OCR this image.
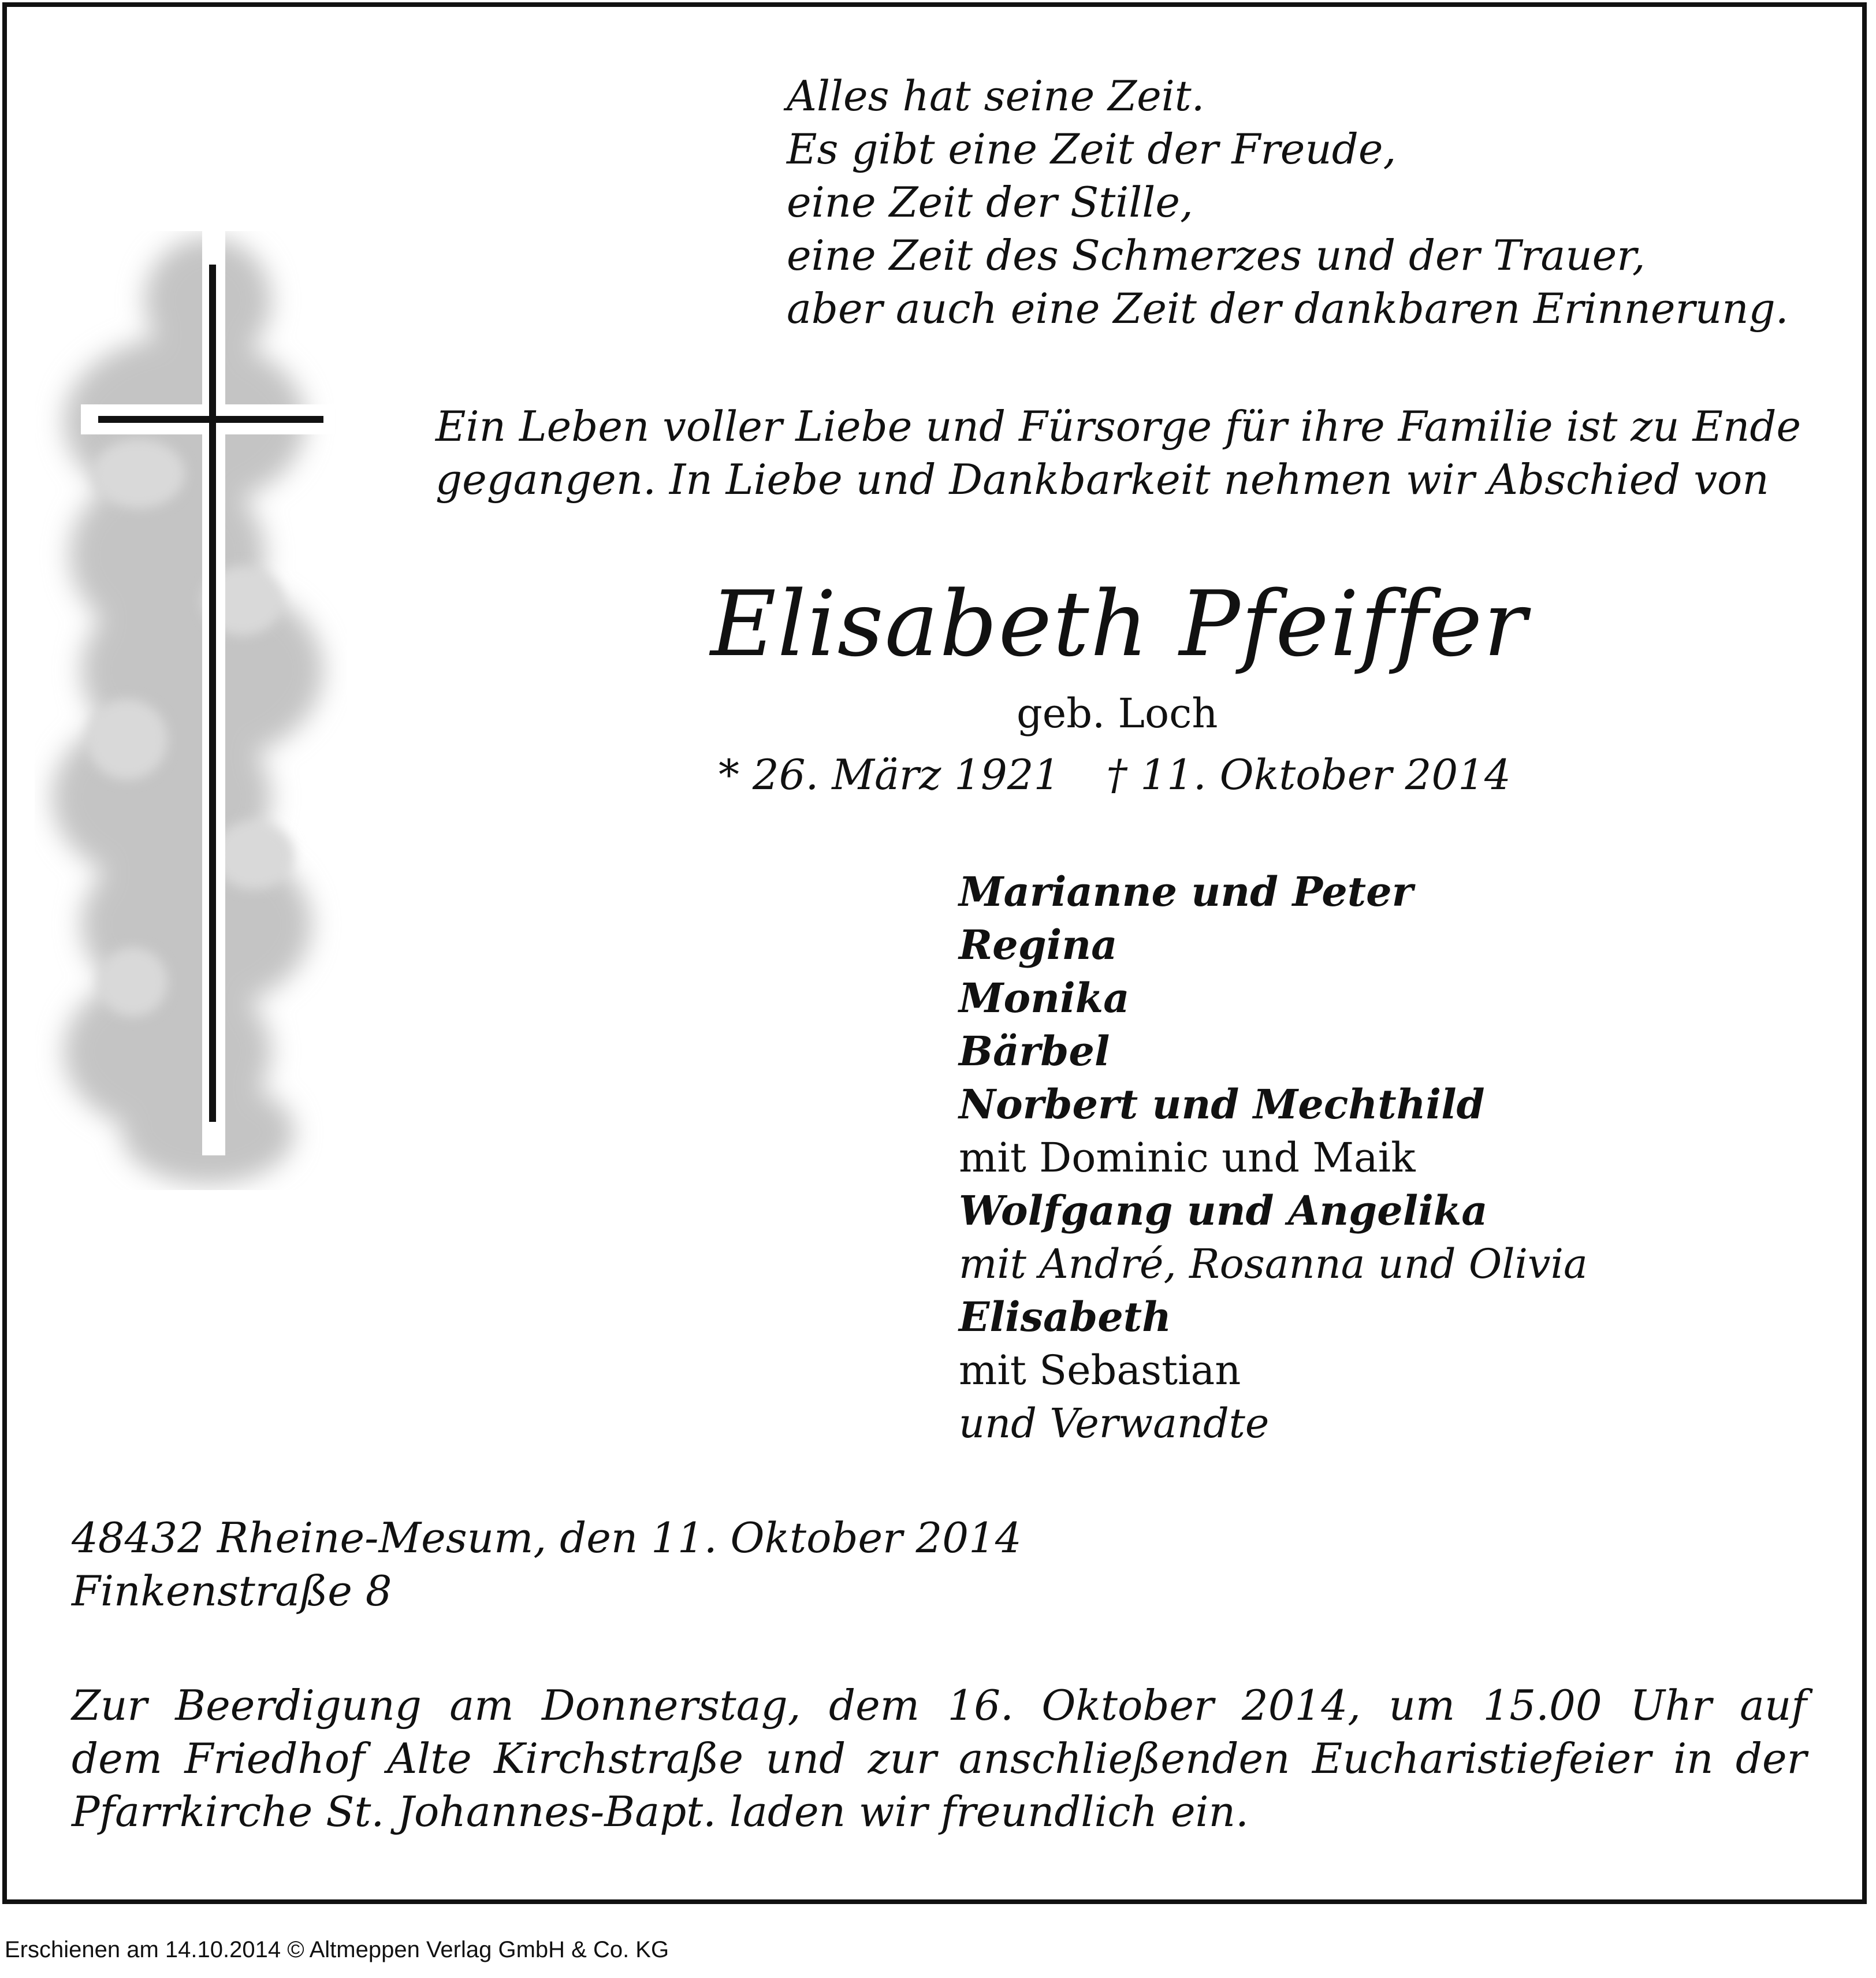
Alles hat seine Zeit.
Es gibt eine Zeit der Freude,
eine Zeit der Stille,
eine Zeit des Schmerzes und der Trauer,
aber auch eine Zeit der dankbaren Erinnerung.
Ein Leben voller Liebe und Fürsorge für ihre Familie ist zu Ende
gegangen. In Liebe und Dankbarkeit nehmen wir Abschied von
Elisabeth Pfeiffer
geb. Loch
* 26. März 1921 † 11. Oktober 2014
Marianne und Peter
Regina
Monika
Bärbel
Norbert und Mechthild
mit Dominic und Maik
Wolfgang und Angelika
mit André, Rosanna und Olivia
Elisabeth
mit Sebastian
und Verwandte
48432 Rheine-Mesum, den 11. Oktober 2014
Finkenstraße 8
Zur Beerdigung am Donnerstag, dem 16. Oktober 2014, um 15.00 Uhr auf
dem Friedhof Alte Kirchstraße und zur anschließenden Eucharistiefeier in der
Pfarrkirche St. Johannes-Bapt. laden wir freundlich ein.
Erschienen am 14.10.2014 © Altmeppen Verlag GmbH & Co. KG
